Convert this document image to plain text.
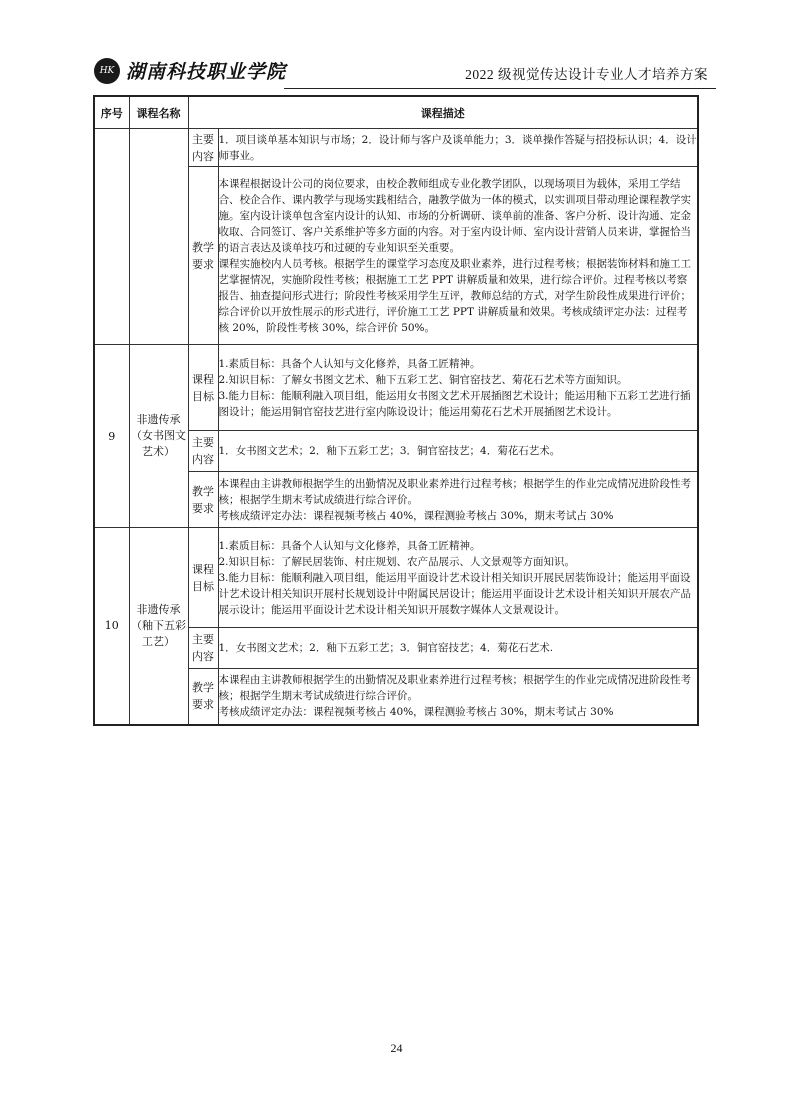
HK 湖南科技职业学院	2022 级视觉传达设计专业人才培养方案
序号	课程名称	课程描述	
		主要内容	1．项目谈单基本知识与市场；2．设计师与客户及谈单能力；3．谈单操作答疑与招投标认识；4．设计师事业。

		教学要求	本课程根据设计公司的岗位要求，由校企教师组成专业化教学团队，以现场项目为载体，采用工学结合、校企合作、课内教学与现场实践相结合，融教学做为一体的模式，以实训项目带动理论课程教学实施。室内设计谈单包含室内设计的认知、市场的分析调研、谈单前的准备、客户分析、设计沟通、定金收取、合同签订、客户关系维护等多方面的内容。对于室内设计师、室内设计营销人员来讲，掌握恰当的语言表达及谈单技巧和过硬的专业知识至关重要。
课程实施校内人员考核。根据学生的课堂学习态度及职业素养，进行过程考核；根据装饰材料和施工工艺掌握情况，实施阶段性考核；根据施工工艺 PPT 讲解质量和效果，进行综合评价。过程考核以考察报告、抽查提问形式进行；阶段性考核采用学生互评，教师总结的方式，对学生阶段性成果进行评价；综合评价以开放性展示的形式进行，评价施工工艺 PPT 讲解质量和效果。考核成绩评定办法：过程考核 20%，阶段性考核 30%，综合评价 50%。

9	非遗传承（女书图文艺术）	课程目标	1.素质目标：具备个人认知与文化修养，具备工匠精神。
2.知识目标：了解女书图文艺术、釉下五彩工艺、铜官窑技艺、菊花石艺术等方面知识。
3.能力目标：能顺利融入项目组，能运用女书图文艺术开展插图艺术设计；能运用釉下五彩工艺进行插图设计；能运用铜官窑技艺进行室内陈设设计；能运用菊花石艺术开展插图艺术设计。

		主要内容	1．女书图文艺术；2．釉下五彩工艺；3．铜官窑技艺；4．菊花石艺术。

		教学要求	本课程由主讲教师根据学生的出勤情况及职业素养进行过程考核；根据学生的作业完成情况进阶段性考核；根据学生期末考试成绩进行综合评价。
考核成绩评定办法：课程视频考核占 40%，课程测验考核占 30%，期末考试占 30%

10	非遗传承（釉下五彩工艺）	课程目标	1.素质目标：具备个人认知与文化修养，具备工匠精神。
2.知识目标：了解民居装饰、村庄规划、农产品展示、人文景观等方面知识。
3.能力目标：能顺利融入项目组，能运用平面设计艺术设计相关知识开展民居装饰设计；能运用平面设计艺术设计相关知识开展村长规划设计中附属民居设计；能运用平面设计艺术设计相关知识开展农产品展示设计；能运用平面设计艺术设计相关知识开展数字媒体人文景观设计。

		主要内容	1．女书图文艺术；2．釉下五彩工艺；3．铜官窑技艺；4．菊花石艺术.

		教学要求	本课程由主讲教师根据学生的出勤情况及职业素养进行过程考核；根据学生的作业完成情况进阶段性考核；根据学生期末考试成绩进行综合评价。
考核成绩评定办法：课程视频考核占 40%，课程测验考核占 30%，期末考试占 30%
24
